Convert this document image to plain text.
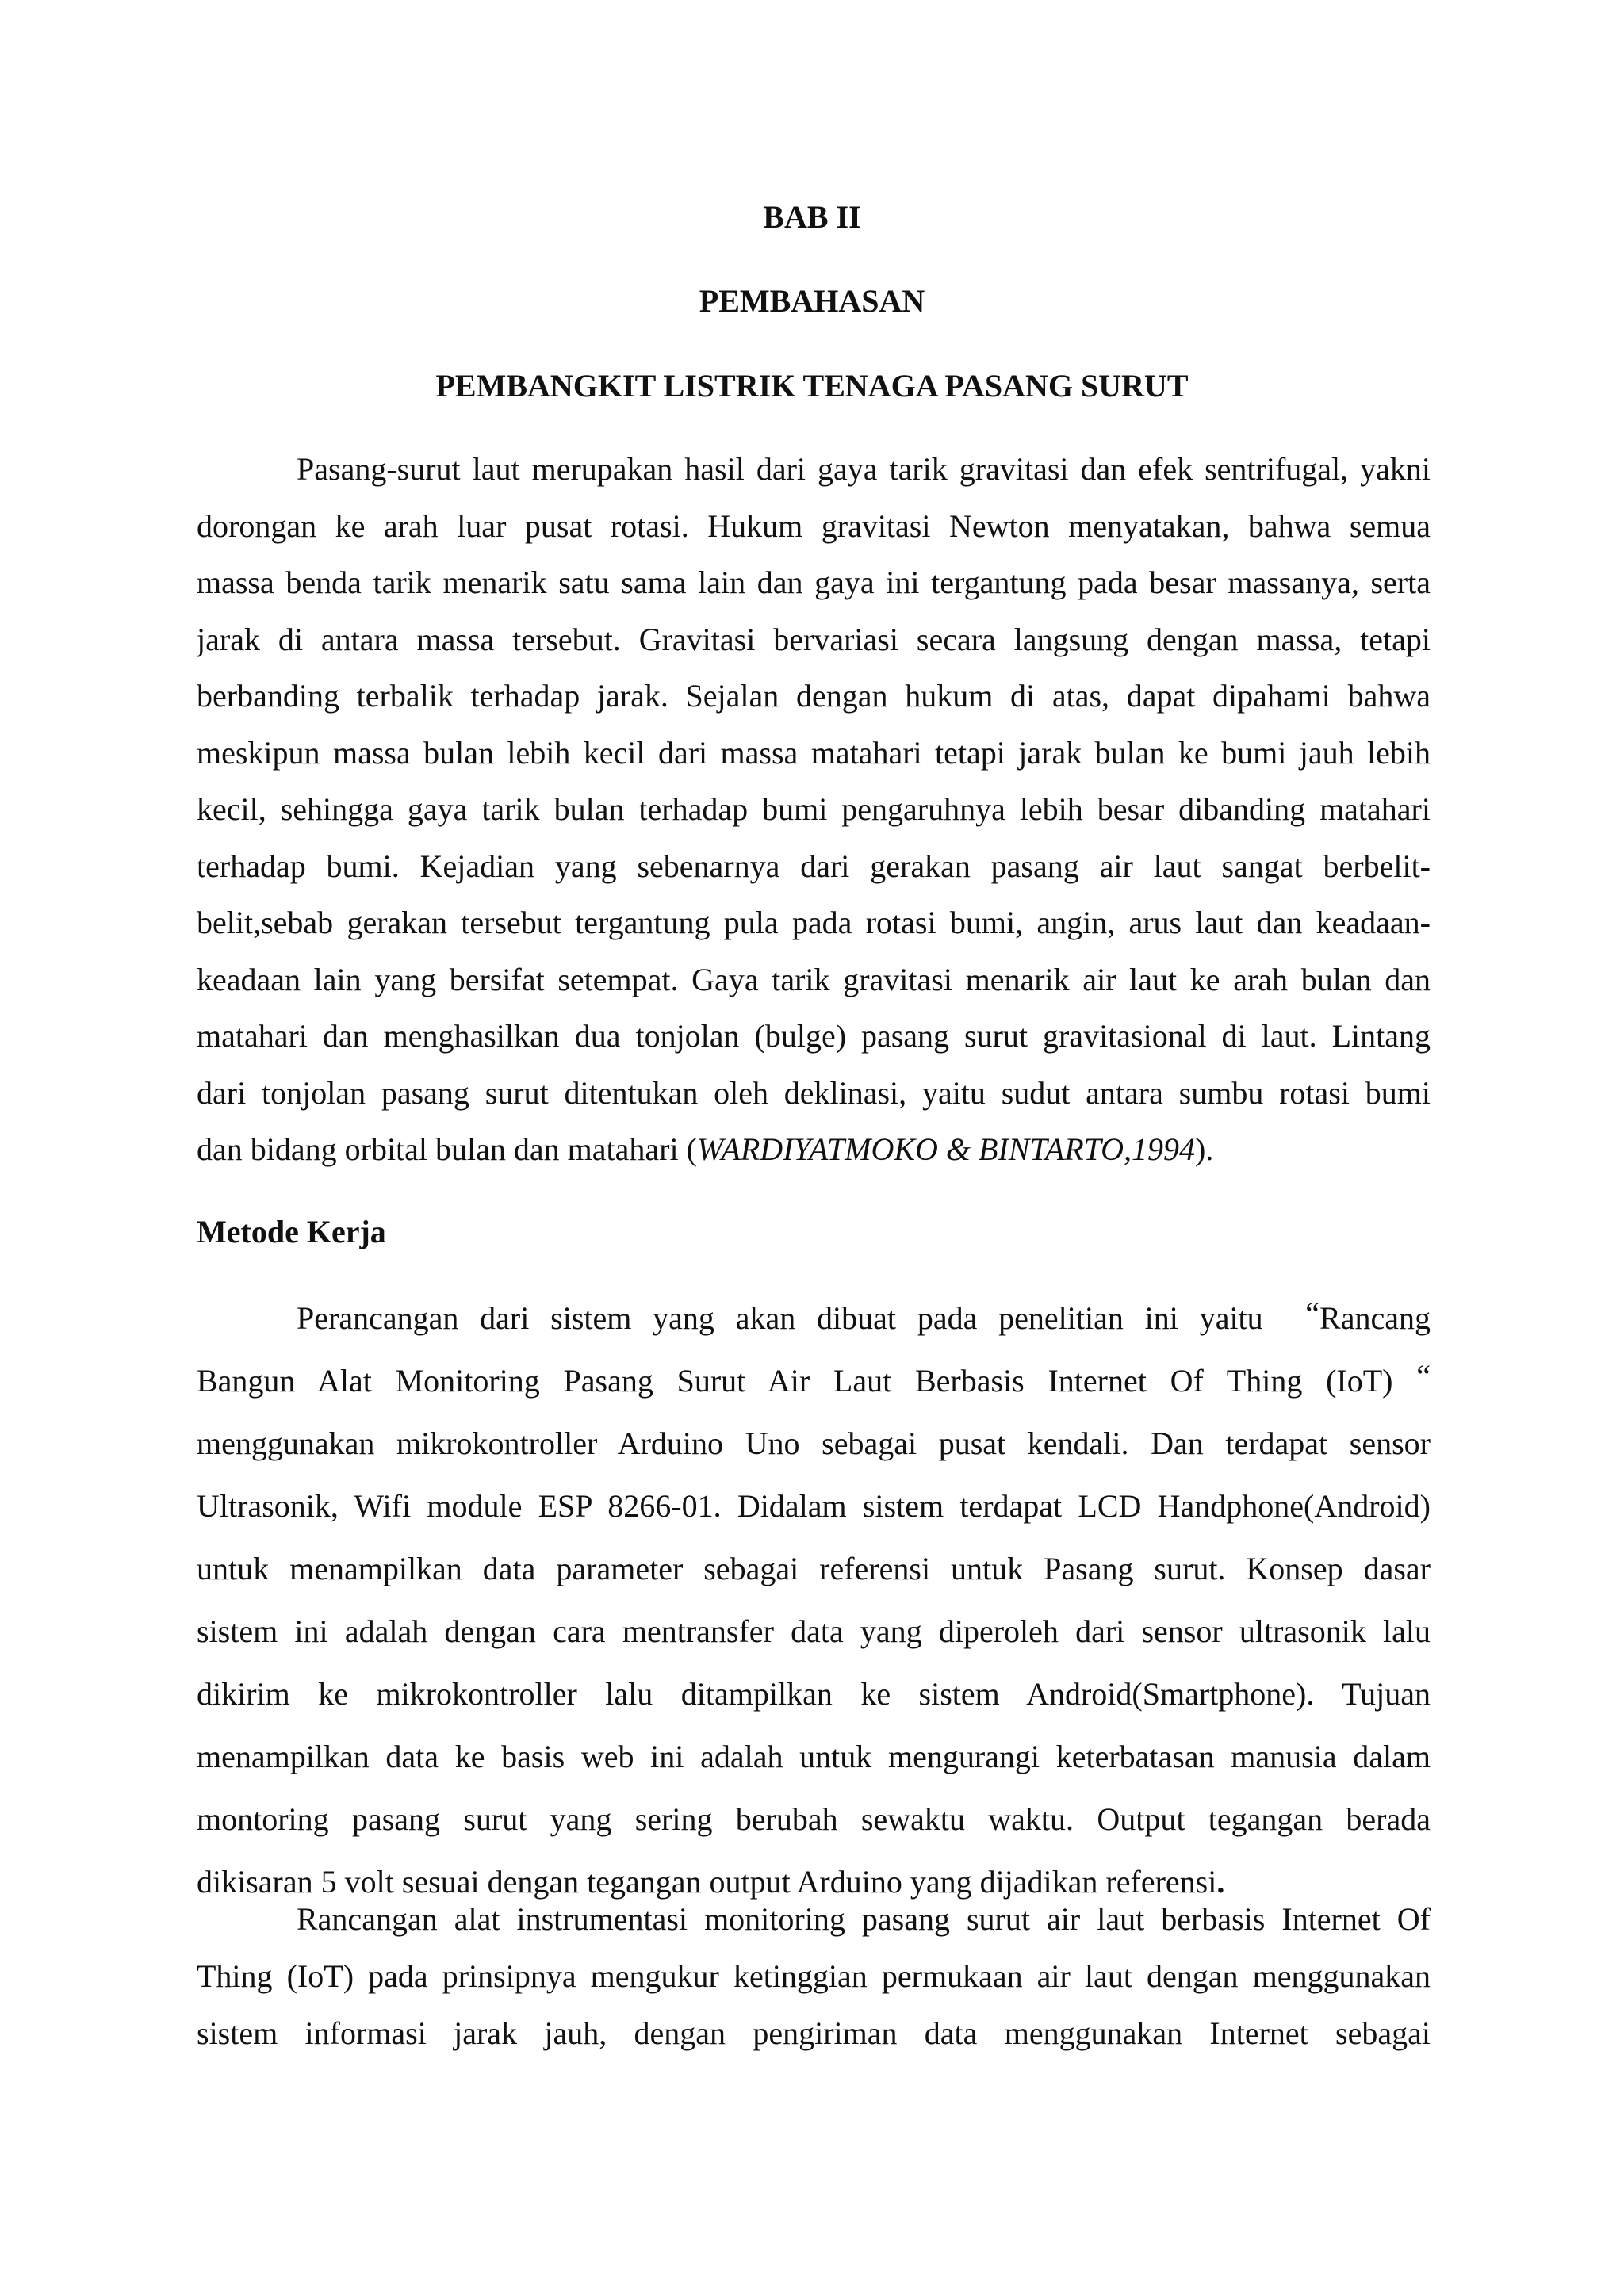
BAB II
PEMBAHASAN
PEMBANGKIT LISTRIK TENAGA PASANG SURUT
Pasang-surut laut merupakan hasil dari gaya tarik gravitasi dan efek sentrifugal, yakni
dorongan ke arah luar pusat rotasi. Hukum gravitasi Newton menyatakan, bahwa semua
massa benda tarik menarik satu sama lain dan gaya ini tergantung pada besar massanya, serta
jarak di antara massa tersebut. Gravitasi bervariasi secara langsung dengan massa, tetapi
berbanding terbalik terhadap jarak. Sejalan dengan hukum di atas, dapat dipahami bahwa
meskipun massa bulan lebih kecil dari massa matahari tetapi jarak bulan ke bumi jauh lebih
kecil, sehingga gaya tarik bulan terhadap bumi pengaruhnya lebih besar dibanding matahari
terhadap bumi. Kejadian yang sebenarnya dari gerakan pasang air laut sangat berbelit-
belit,sebab gerakan tersebut tergantung pula pada rotasi bumi, angin, arus laut dan keadaan-
keadaan lain yang bersifat setempat. Gaya tarik gravitasi menarik air laut ke arah bulan dan
matahari dan menghasilkan dua tonjolan (bulge) pasang surut gravitasional di laut. Lintang
dari tonjolan pasang surut ditentukan oleh deklinasi, yaitu sudut antara sumbu rotasi bumi
dan bidang orbital bulan dan matahari (WARDIYATMOKO & BINTARTO,1994).
Metode Kerja
Perancangan dari sistem yang akan dibuat pada penelitian ini yaitu “Rancang
Bangun Alat Monitoring Pasang Surut Air Laut Berbasis Internet Of Thing (IoT) “
menggunakan mikrokontroller Arduino Uno sebagai pusat kendali. Dan terdapat sensor
Ultrasonik, Wifi module ESP 8266-01. Didalam sistem terdapat LCD Handphone(Android)
untuk menampilkan data parameter sebagai referensi untuk Pasang surut. Konsep dasar
sistem ini adalah dengan cara mentransfer data yang diperoleh dari sensor ultrasonik lalu
dikirim ke mikrokontroller lalu ditampilkan ke sistem Android(Smartphone). Tujuan
menampilkan data ke basis web ini adalah untuk mengurangi keterbatasan manusia dalam
montoring pasang surut yang sering berubah sewaktu waktu. Output tegangan berada
dikisaran 5 volt sesuai dengan tegangan output Arduino yang dijadikan referensi.
Rancangan alat instrumentasi monitoring pasang surut air laut berbasis Internet Of
Thing (IoT) pada prinsipnya mengukur ketinggian permukaan air laut dengan menggunakan
sistem informasi jarak jauh, dengan pengiriman data menggunakan Internet sebagai
